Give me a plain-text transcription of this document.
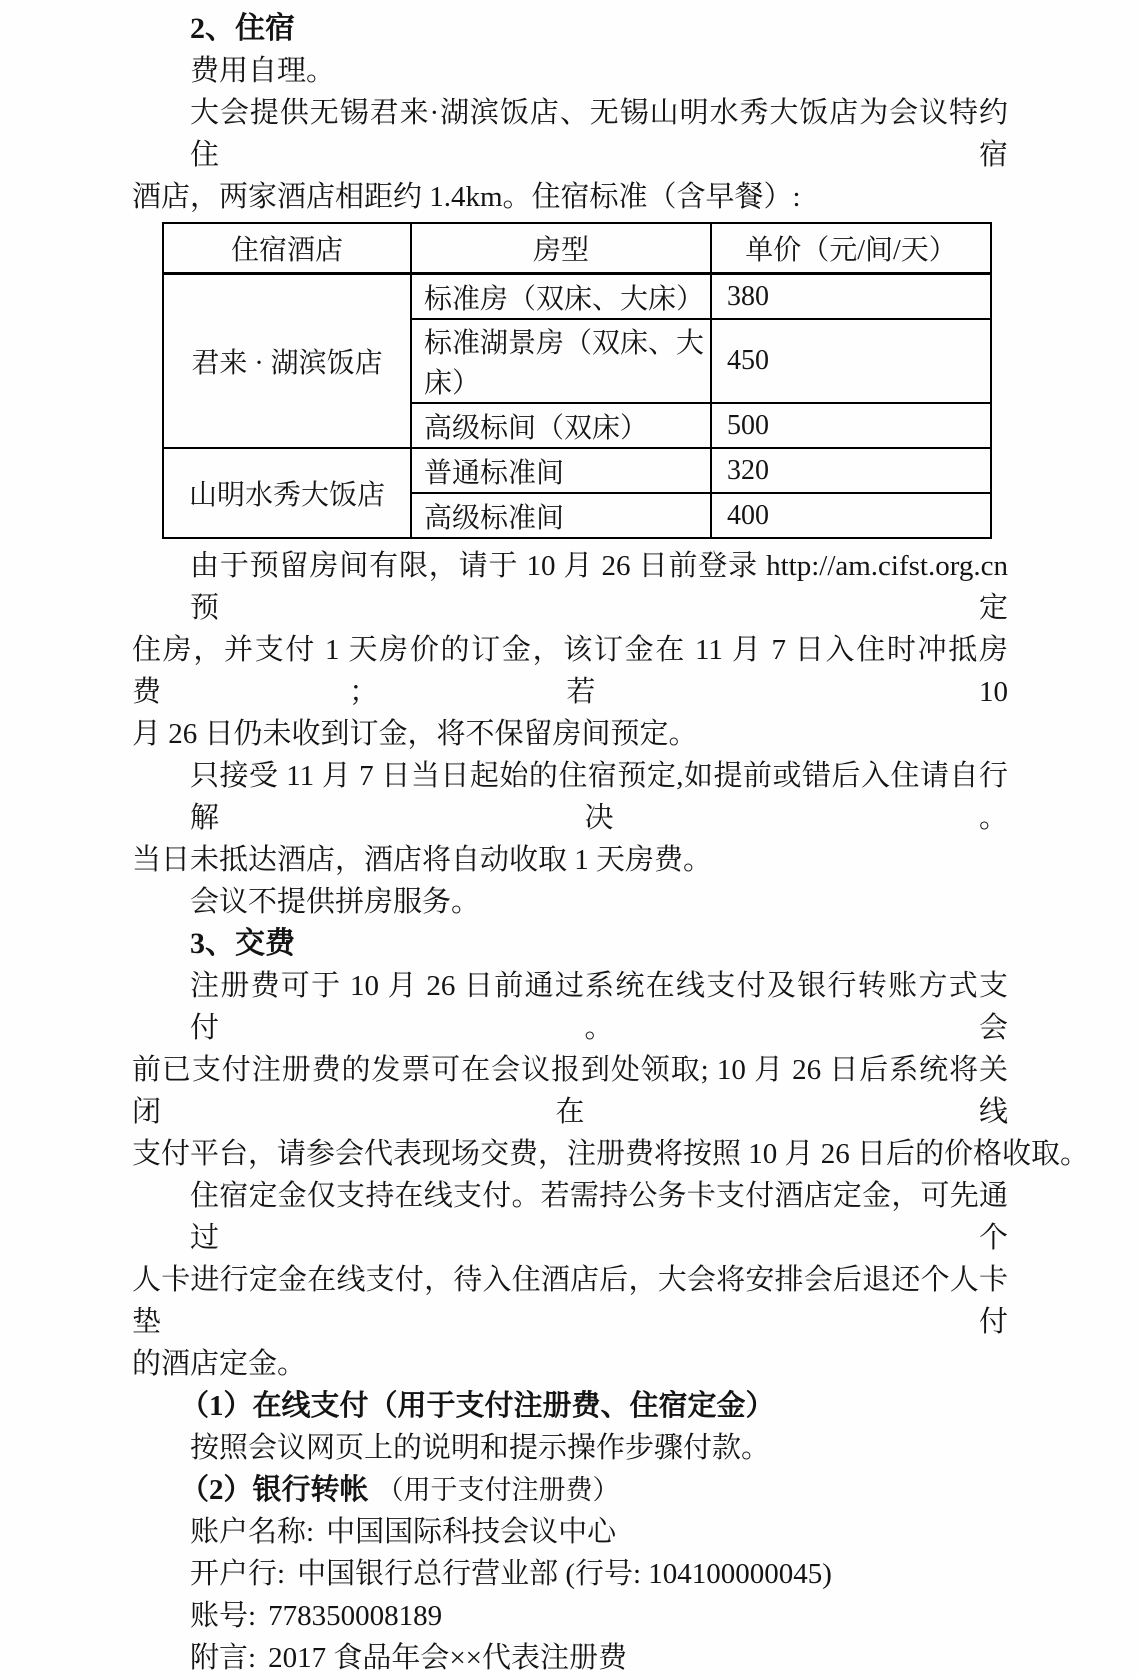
2、住宿
费用自理。
大会提供无锡君来·湖滨饭店、无锡山明水秀大饭店为会议特约住宿
酒店，两家酒店相距约 1.4km。住宿标准（含早餐）:
住宿酒店	房型	单价（元/间/天）
君来 · 湖滨饭店	标准房（双床、大床）	380
	标准湖景房（双床、大床）	450
	高级标间（双床）	500
山明水秀大饭店	普通标准间	320
	高级标准间	400
由于预留房间有限，请于 10 月 26 日前登录 http://am.cifst.org.cn 预定
住房，并支付 1 天房价的订金，该订金在 11 月 7 日入住时冲抵房费；若 10
月 26 日仍未收到订金，将不保留房间预定。
只接受 11 月 7 日当日起始的住宿预定,如提前或错后入住请自行解决。
当日未抵达酒店，酒店将自动收取 1 天房费。
会议不提供拼房服务。
3、交费
注册费可于 10 月 26 日前通过系统在线支付及银行转账方式支付。会
前已支付注册费的发票可在会议报到处领取; 10 月 26 日后系统将关闭在线
支付平台，请参会代表现场交费，注册费将按照 10 月 26 日后的价格收取。
住宿定金仅支持在线支付。若需持公务卡支付酒店定金，可先通过个
人卡进行定金在线支付，待入住酒店后，大会将安排会后退还个人卡垫付
的酒店定金。
（1）在线支付（用于支付注册费、住宿定金）
按照会议网页上的说明和提示操作步骤付款。
（2）银行转帐 （用于支付注册费）
账户名称: 中国国际科技会议中心
开户行: 中国银行总行营业部 (行号: 104100000045)
账号: 778350008189
附言: 2017 食品年会××代表注册费
